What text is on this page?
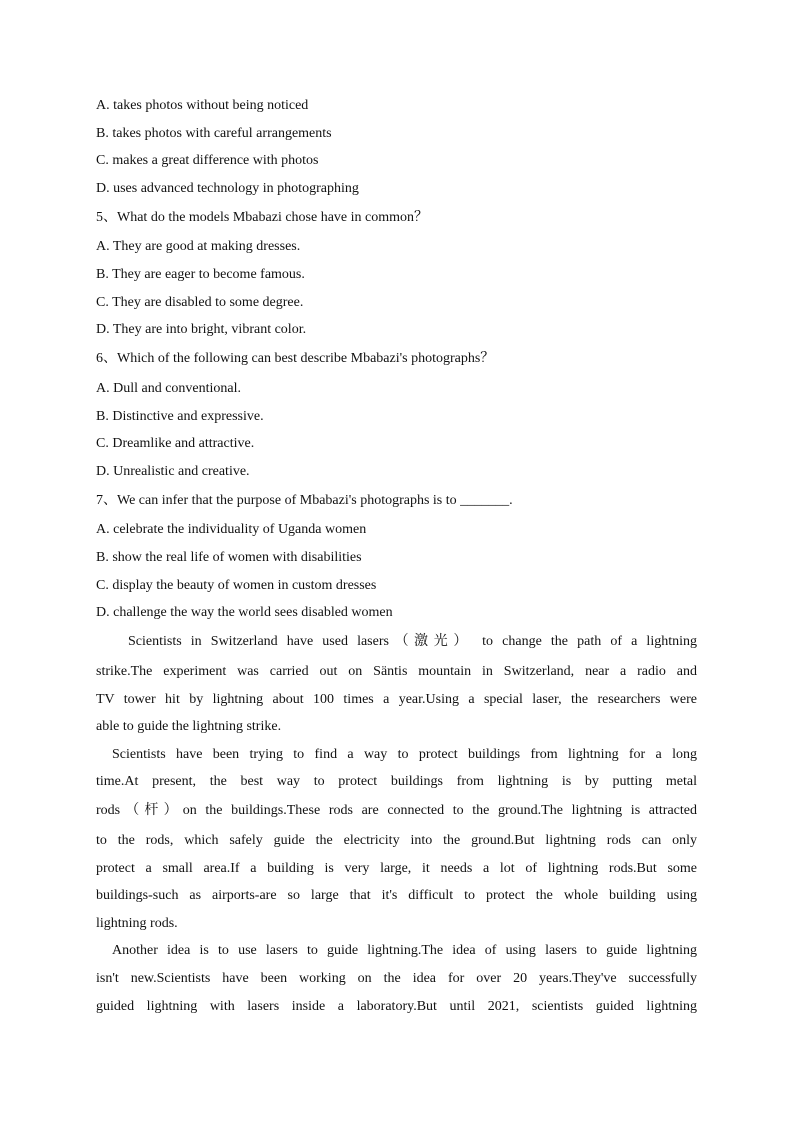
A. takes photos without being noticed
B. takes photos with careful arrangements
C. makes a great difference with photos
D. uses advanced technology in photographing
5、What do the models Mbabazi chose have in common？
A. They are good at making dresses.
B. They are eager to become famous.
C. They are disabled to some degree.
D. They are into bright, vibrant color.
6、Which of the following can best describe Mbabazi's photographs？
A. Dull and conventional.
B. Distinctive and expressive.
C. Dreamlike and attractive.
D. Unrealistic and creative.
7、We can infer that the purpose of Mbabazi's photographs is to _______.
A. celebrate the individuality of Uganda women
B. show the real life of women with disabilities
C. display the beauty of women in custom dresses
D. challenge the way the world sees disabled women
Scientists in Switzerland have used lasers（激光） to change the path of a lightning
strike.The experiment was carried out on Säntis mountain in Switzerland, near a radio and
TV tower hit by lightning about 100 times a year.Using a special laser, the researchers were
able to guide the lightning strike.
Scientists have been trying to find a way to protect buildings from lightning for a long
time.At present, the best way to protect buildings from lightning is by putting metal
rods（杆）on the buildings.These rods are connected to the ground.The lightning is attracted
to the rods, which safely guide the electricity into the ground.But lightning rods can only
protect a small area.If a building is very large, it needs a lot of lightning rods.But some
buildings-such as airports-are so large that it's difficult to protect the whole building using
lightning rods.
Another idea is to use lasers to guide lightning.The idea of using lasers to guide lightning
isn't new.Scientists have been working on the idea for over 20 years.They've successfully
guided lightning with lasers inside a laboratory.But until 2021, scientists guided lightning
